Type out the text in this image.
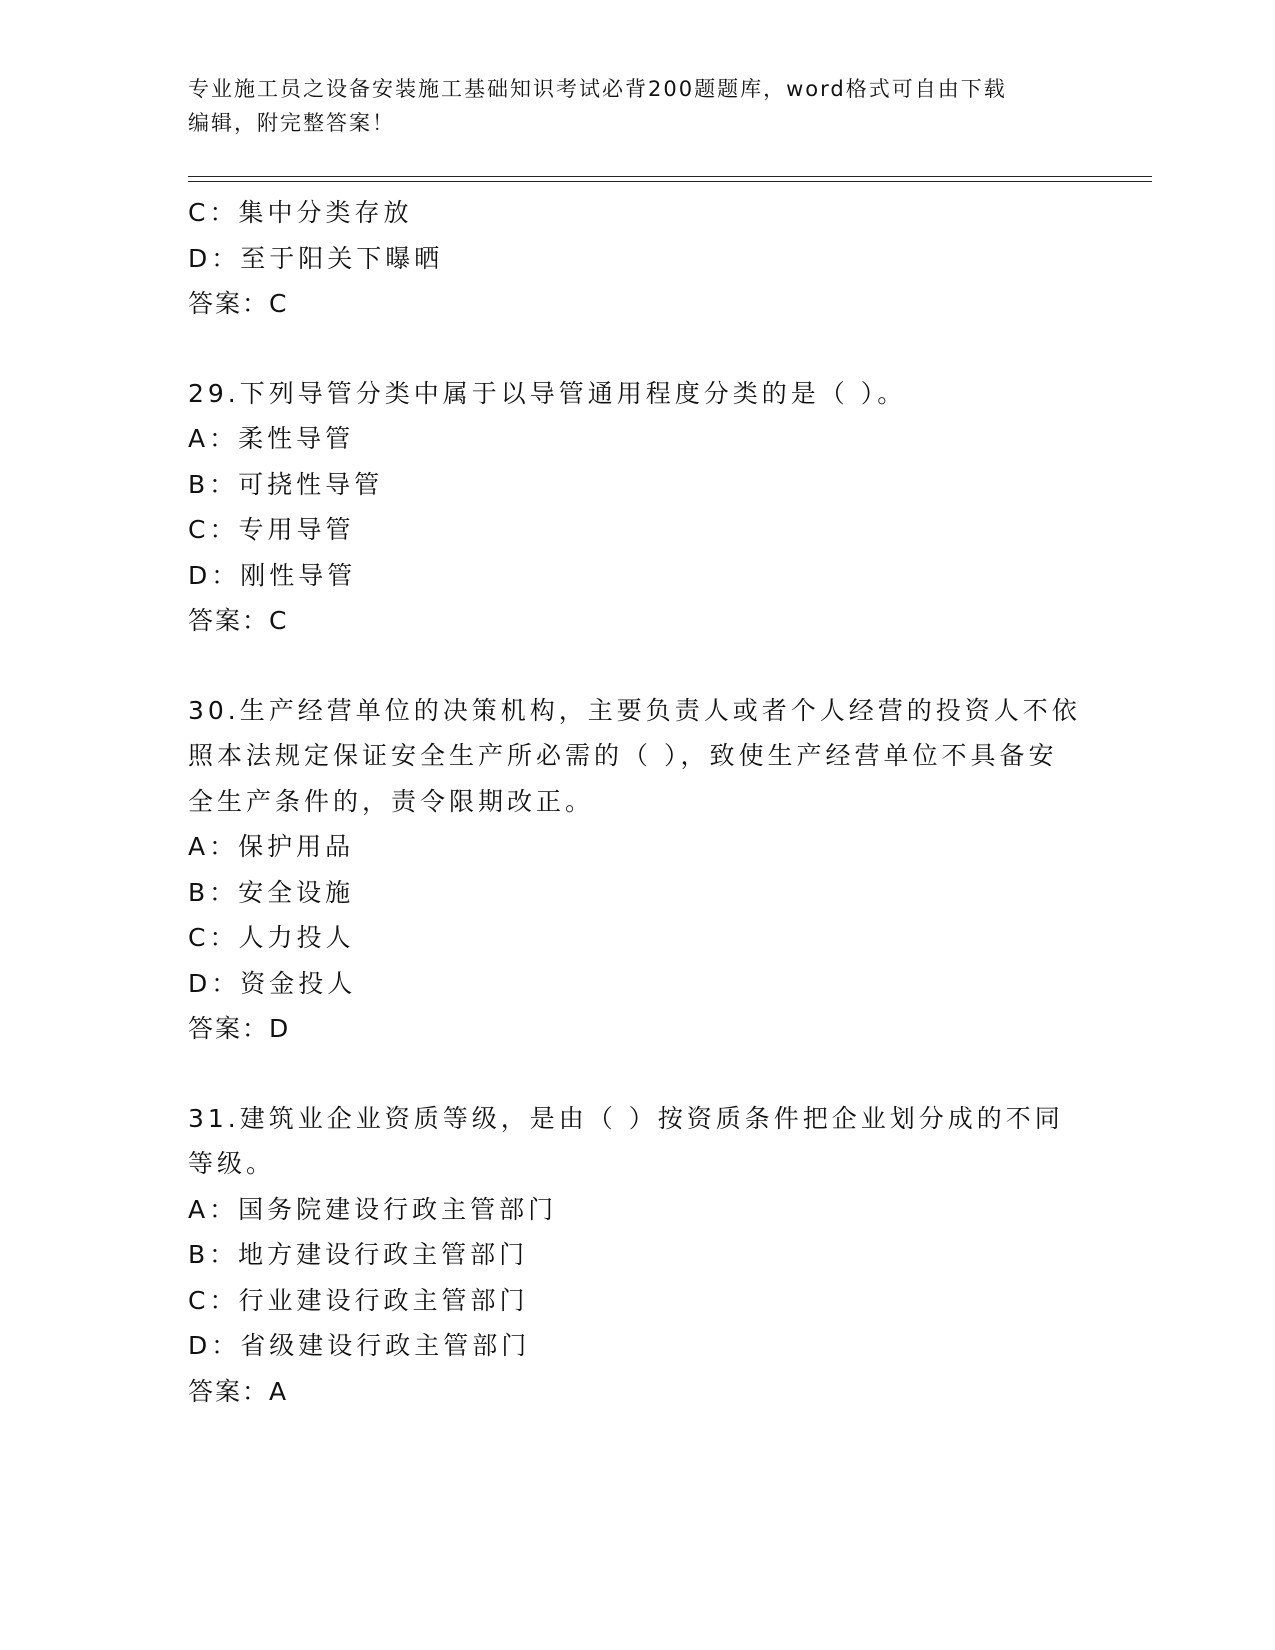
专业施工员之设备安装施工基础知识考试必背200题题库，word格式可自由下载
编辑，附完整答案！
C：集中分类存放
D：至于阳关下曝晒
答案：C
29.下列导管分类中属于以导管通用程度分类的是（ ）。
A：柔性导管
B：可挠性导管
C：专用导管
D：刚性导管
答案：C
30.生产经营单位的决策机构，主要负责人或者个人经营的投资人不依
照本法规定保证安全生产所必需的（ ），致使生产经营单位不具备安
全生产条件的，责令限期改正。
A：保护用品
B：安全设施
C：人力投人
D：资金投人
答案：D
31.建筑业企业资质等级，是由（ ）按资质条件把企业划分成的不同
等级。
A：国务院建设行政主管部门
B：地方建设行政主管部门
C：行业建设行政主管部门
D：省级建设行政主管部门
答案：A
